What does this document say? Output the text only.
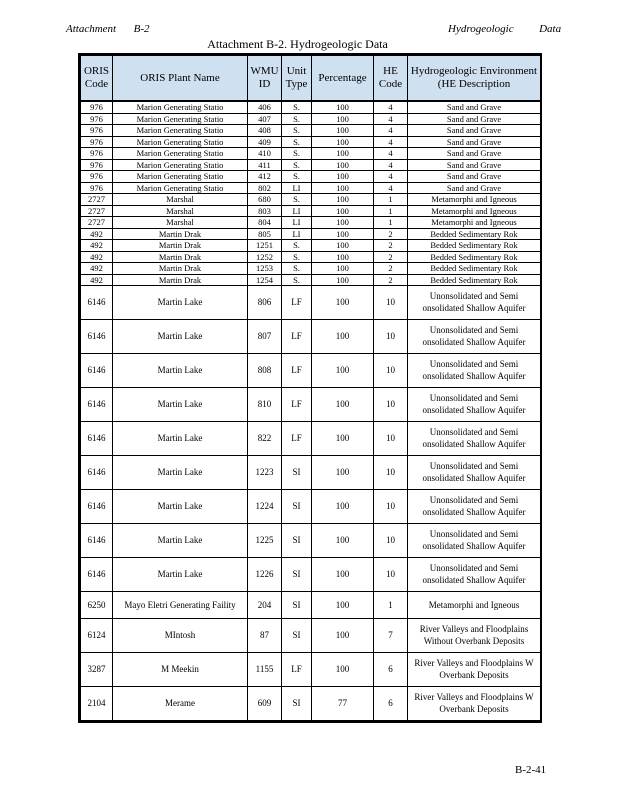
Attachment B-2	Hydrogeologic Data
Attachment B-2. Hydrogeologic Data
ORIS Code	ORIS Plant Name	WMU ID	Unit Type	Percentage	HE Code	Hydrogeologic Environment (HE Description
976	Marion Generating Statio	406	S.	100	4	Sand and Grave
976	Marion Generating Statio	407	S.	100	4	Sand and Grave
976	Marion Generating Statio	408	S.	100	4	Sand and Grave
976	Marion Generating Statio	409	S.	100	4	Sand and Grave
976	Marion Generating Statio	410	S.	100	4	Sand and Grave
976	Marion Generating Statio	411	S.	100	4	Sand and Grave
976	Marion Generating Statio	412	S.	100	4	Sand and Grave
976	Marion Generating Statio	802	LI	100	4	Sand and Grave
2727	Marshal	680	S.	100	1	Metamorphi and Igneous
2727	Marshal	803	LI	100	1	Metamorphi and Igneous
2727	Marshal	804	LI	100	1	Metamorphi and Igneous
492	Martin Drak	805	LI	100	2	Bedded Sedimentary Rok
492	Martin Drak	1251	S.	100	2	Bedded Sedimentary Rok
492	Martin Drak	1252	S.	100	2	Bedded Sedimentary Rok
492	Martin Drak	1253	S.	100	2	Bedded Sedimentary Rok
492	Martin Drak	1254	S.	100	2	Bedded Sedimentary Rok
6146	Martin Lake	806	LF	100	10	Unonsolidated and Semi onsolidated Shallow Aquifer
6146	Martin Lake	807	LF	100	10	Unonsolidated and Semi onsolidated Shallow Aquifer
6146	Martin Lake	808	LF	100	10	Unonsolidated and Semi onsolidated Shallow Aquifer
6146	Martin Lake	810	LF	100	10	Unonsolidated and Semi onsolidated Shallow Aquifer
6146	Martin Lake	822	LF	100	10	Unonsolidated and Semi onsolidated Shallow Aquifer
6146	Martin Lake	1223	SI	100	10	Unonsolidated and Semi onsolidated Shallow Aquifer
6146	Martin Lake	1224	SI	100	10	Unonsolidated and Semi onsolidated Shallow Aquifer
6146	Martin Lake	1225	SI	100	10	Unonsolidated and Semi onsolidated Shallow Aquifer
6146	Martin Lake	1226	SI	100	10	Unonsolidated and Semi onsolidated Shallow Aquifer
6250	Mayo Eletri Generating Faility	204	SI	100	1	Metamorphi and Igneous
6124	MIntosh	87	SI	100	7	River Valleys and Floodplains Without Overbank Deposits
3287	M Meekin	1155	LF	100	6	River Valleys and Floodplains W Overbank Deposits
2104	Merame	609	SI	77	6	River Valleys and Floodplains W Overbank Deposits
B-2-41
